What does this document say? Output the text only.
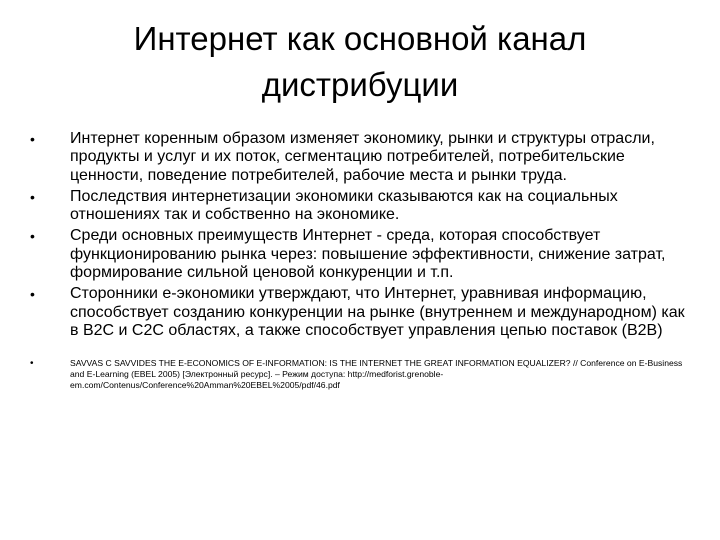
Интернет как основной канал
дистрибуции
•	Интернет коренным образом изменяет экономику, рынки и структуры отрасли, продукты и услуг и их поток, сегментацию потребителей, потребительские ценности, поведение потребителей, рабочие места и рынки труда.
•	Последствия интернетизации экономики сказываются как на социальных отношениях так и собственно на экономике.
•	Среди основных преимуществ Интернет - среда, которая способствует функционированию рынка через: повышение эффективности, снижение затрат, формирование сильной ценовой конкуренции и т.п.
•	Сторонники е-экономики утверждают, что Интернет, уравнивая информацию, способствует созданию конкуренции на рынке (внутреннем и международном) как в B2C и C2C областях, а также способствует управления цепью поставок (B2B)
•	SAVVAS C SAVVIDES THE E-ECONOMICS OF E-INFORMATION: IS THE INTERNET THE GREAT INFORMATION EQUALIZER? // Conference on E-Business and E-Learning (EBEL 2005) [Электронный ресурс]. – Режим доступа: http://medforist.grenoble-em.com/Contenus/Conference%20Amman%20EBEL%2005/pdf/46.pdf
